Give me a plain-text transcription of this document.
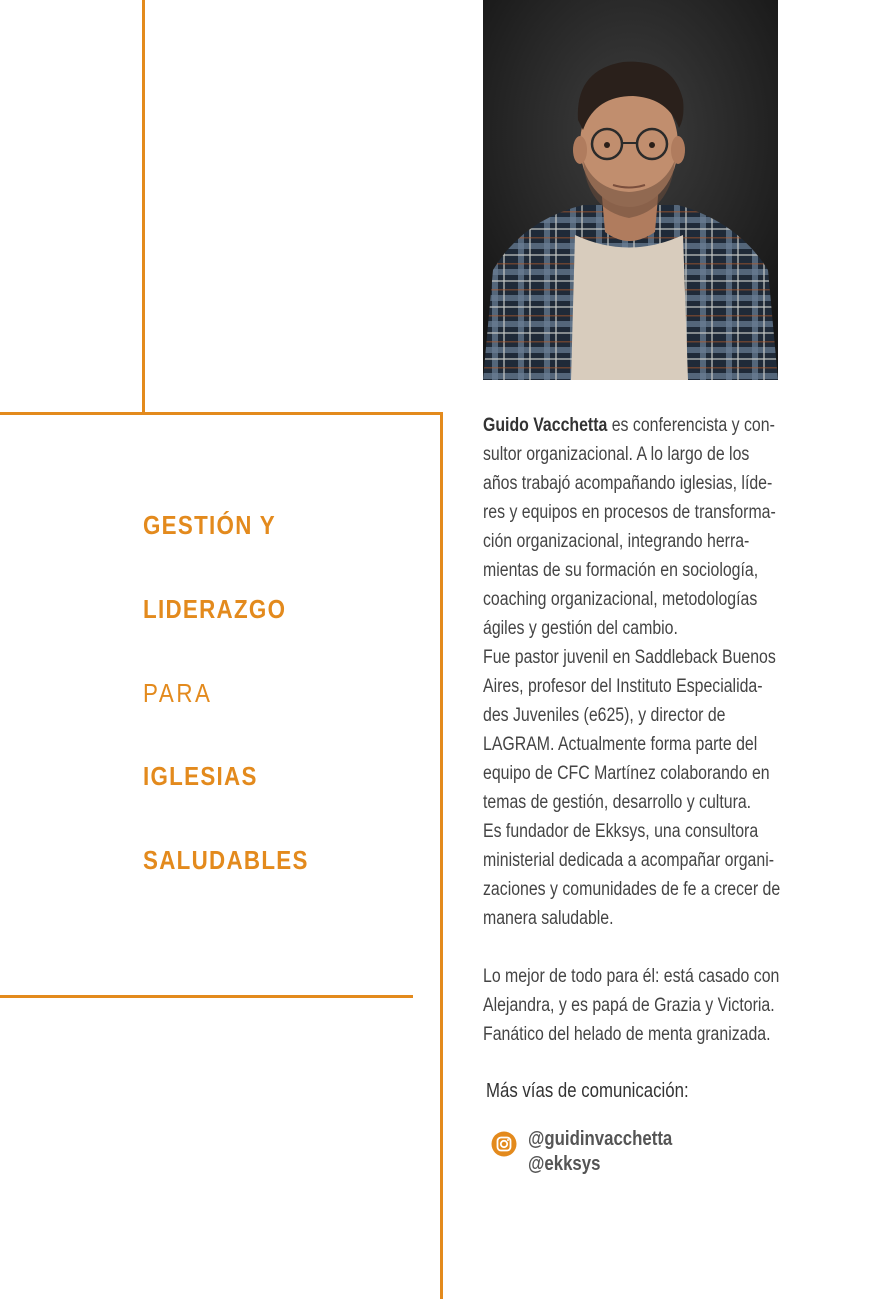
GESTIÓN Y
LIDERAZGO
PARA
IGLESIAS
SALUDABLES
Guido Vacchetta es conferencista y con-
sultor organizacional. A lo largo de los
años trabajó acompañando iglesias, líde-
res y equipos en procesos de transforma-
ción organizacional, integrando herra-
mientas de su formación en sociología,
coaching organizacional, metodologías
ágiles y gestión del cambio.
Fue pastor juvenil en Saddleback Buenos
Aires, profesor del Instituto Especialida-
des Juveniles (e625), y director de
LAGRAM. Actualmente forma parte del
equipo de CFC Martínez colaborando en
temas de gestión, desarrollo y cultura.
Es fundador de Ekksys, una consultora
ministerial dedicada a acompañar organi-
zaciones y comunidades de fe a crecer de
manera saludable.
Lo mejor de todo para él: está casado con
Alejandra, y es papá de Grazia y Victoria.
Fanático del helado de menta granizada.
Más vías de comunicación:
@guidinvacchetta
@ekksys
